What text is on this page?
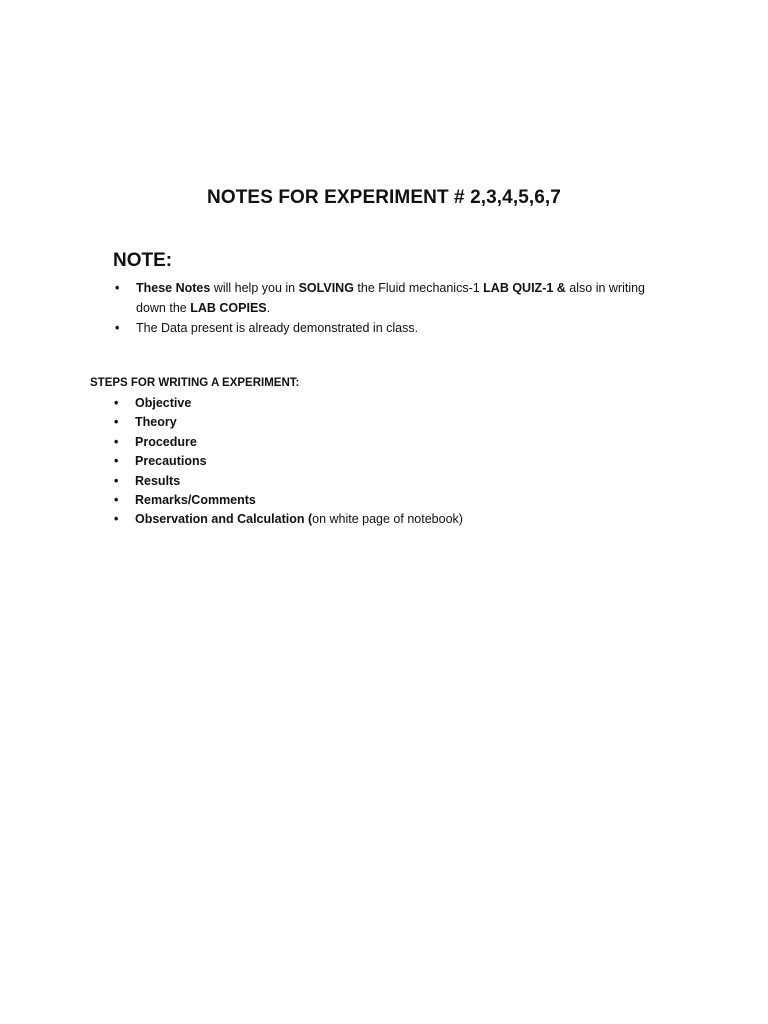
NOTES FOR EXPERIMENT # 2,3,4,5,6,7
NOTE:
• These Notes will help you in SOLVING the Fluid mechanics-1 LAB QUIZ-1 & also in writing down the LAB COPIES.
• The Data present is already demonstrated in class.
STEPS FOR WRITING A EXPERIMENT:
• Objective
• Theory
• Procedure
• Precautions
• Results
• Remarks/Comments
• Observation and Calculation (on white page of notebook)
